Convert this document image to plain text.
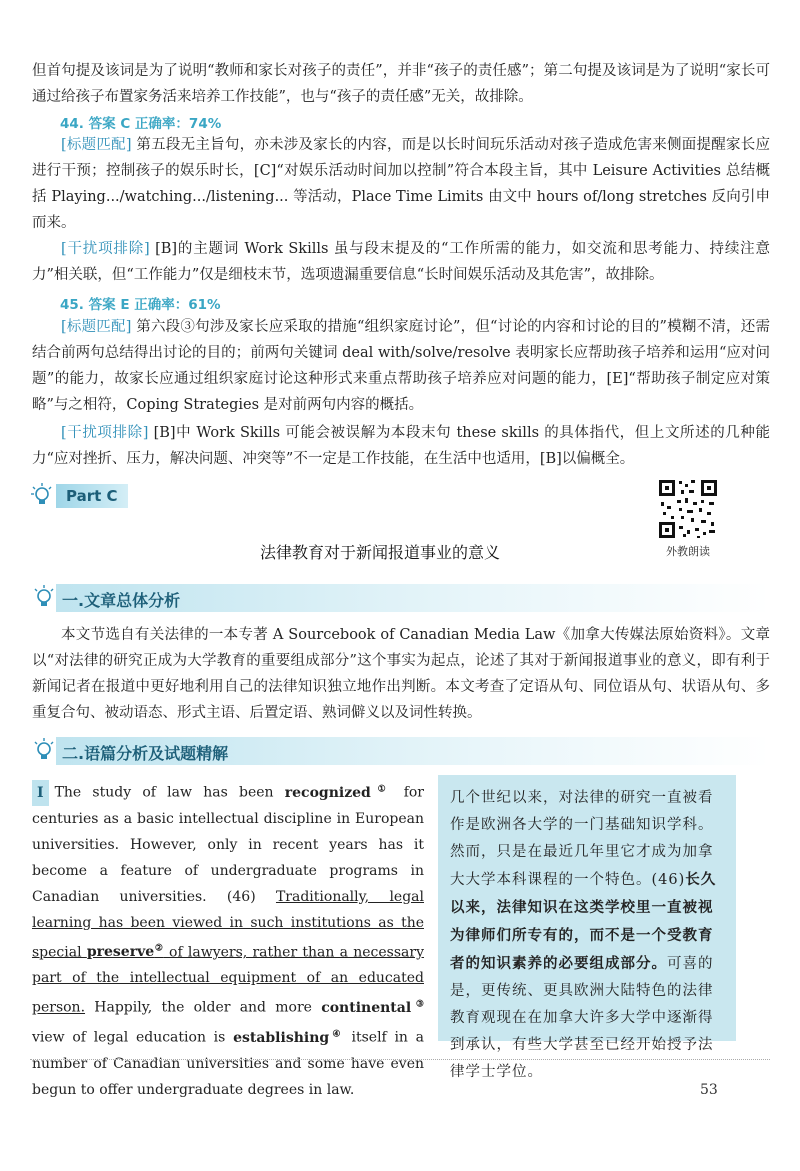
但首句提及该词是为了说明“教师和家长对孩子的责任”，并非“孩子的责任感”；第二句提及该词是为了说明“家长可通过给孩子布置家务活来培养工作技能”，也与“孩子的责任感”无关，故排除。

44. 答案 C 正确率：74%

[标题匹配] 第五段无主旨句，亦未涉及家长的内容，而是以长时间玩乐活动对孩子造成危害来侧面提醒家长应进行干预；控制孩子的娱乐时长，[C]“对娱乐活动时间加以控制”符合本段主旨，其中 Leisure Activities 总结概括 Playing.../watching.../listening... 等活动，Place Time Limits 由文中 hours of/long stretches 反向引申而来。

[干扰项排除] [B]的主题词 Work Skills 虽与段末提及的“工作所需的能力，如交流和思考能力、持续注意力”相关联，但“工作能力”仅是细枝末节，选项遗漏重要信息“长时间娱乐活动及其危害”，故排除。

45. 答案 E 正确率：61%

[标题匹配] 第六段③句涉及家长应采取的措施“组织家庭讨论”，但“讨论的内容和讨论的目的”模糊不清，还需结合前两句总结得出讨论的目的；前两句关键词 deal with/solve/resolve 表明家长应帮助孩子培养和运用“应对问题”的能力，故家长应通过组织家庭讨论这种形式来重点帮助孩子培养应对问题的能力，[E]“帮助孩子制定应对策略”与之相符，Coping Strategies 是对前两句内容的概括。

[干扰项排除] [B]中 Work Skills 可能会被误解为本段末句 these skills 的具体指代，但上文所述的几种能力“应对挫折、压力，解决问题、冲突等”不一定是工作技能，在生活中也适用，[B]以偏概全。

Part C
外教朗读
法律教育对于新闻报道事业的意义
一.文章总体分析

本文节选自有关法律的一本专著 A Sourcebook of Canadian Media Law《加拿大传媒法原始资料》。文章以“对法律的研究正成为大学教育的重要组成部分”这个事实为起点，论述了其对于新闻报道事业的意义，即有利于新闻记者在报道中更好地利用自己的法律知识独立地作出判断。本文考查了定语从句、同位语从句、状语从句、多重复合句、被动语态、形式主语、后置定语、熟词僻义以及词性转换。

二.语篇分析及试题精解

I The study of law has been recognized① for centuries as a basic intellectual discipline in European universities. However, only in recent years has it become a feature of undergraduate programs in Canadian universities. (46) Traditionally, legal learning has been viewed in such institutions as the special preserve② of lawyers, rather than a necessary part of the intellectual equipment of an educated person. Happily, the older and more continental③ view of legal education is establishing④ itself in a number of Canadian universities and some have even begun to offer undergraduate degrees in law.

几个世纪以来，对法律的研究一直被看作是欧洲各大学的一门基础知识学科。然而，只是在最近几年里它才成为加拿大大学本科课程的一个特色。(46)长久以来，法律知识在这类学校里一直被视为律师们所专有的，而不是一个受教育者的知识素养的必要组成部分。可喜的是，更传统、更具欧洲大陆特色的法律教育观现在在加拿大许多大学中逐渐得到承认，有些大学甚至已经开始授予法律学士学位。
53
